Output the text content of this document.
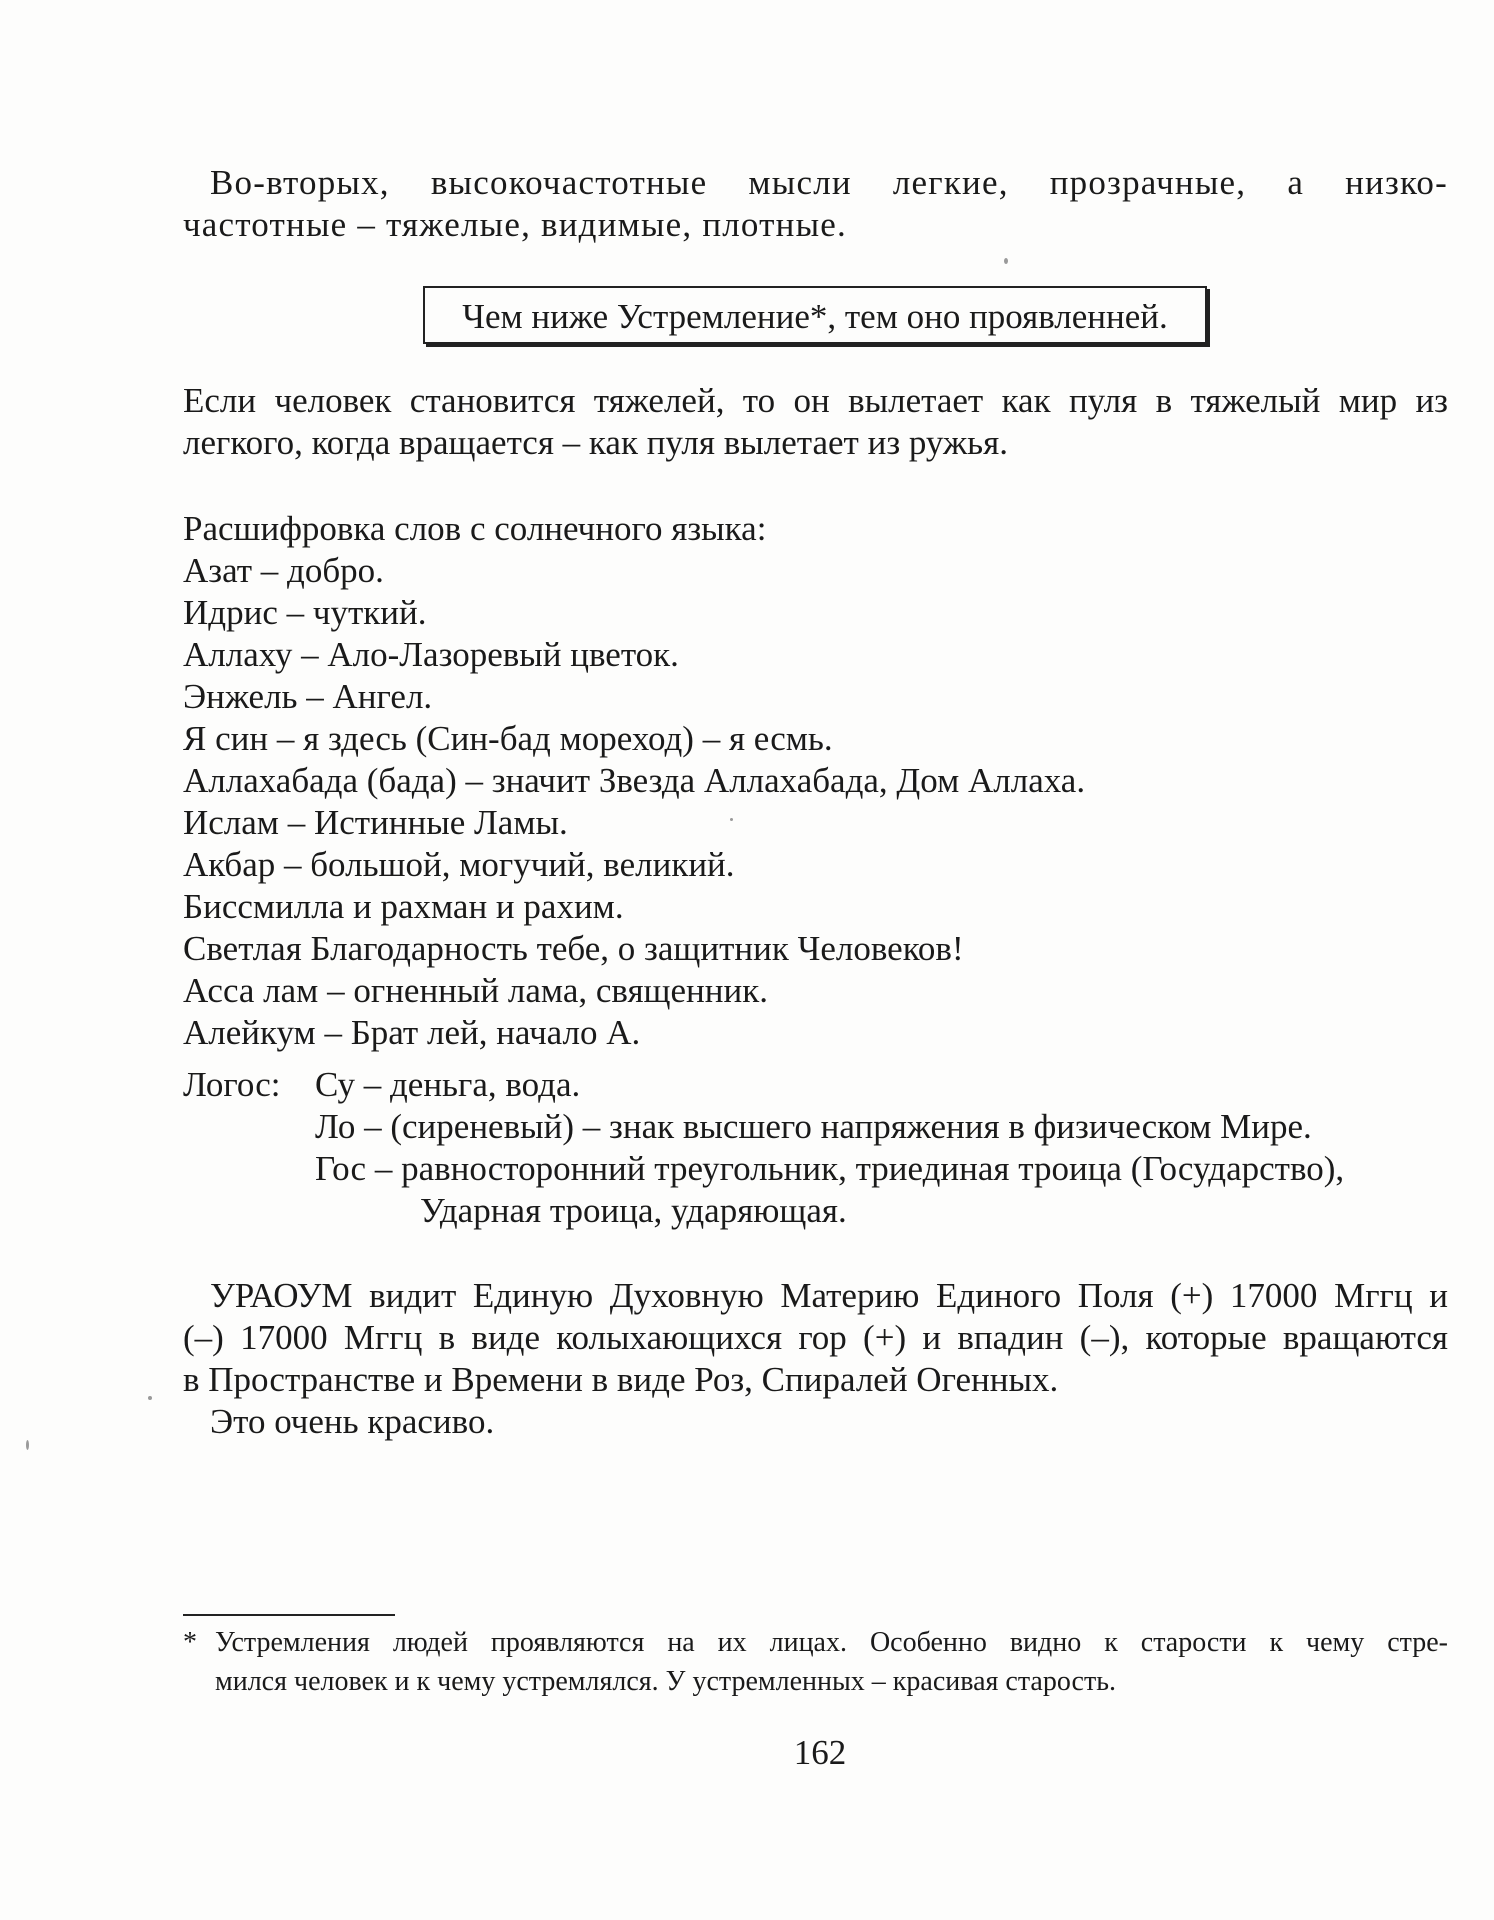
Во-вторых, высокочастотные мысли легкие, прозрачные, а низко-
частотные – тяжелые, видимые, плотные.
Чем ниже Устремление*, тем оно проявленней.
Если человек становится тяжелей, то он вылетает как пуля в тяжелый мир из
легкого, когда вращается – как пуля вылетает из ружья.
Расшифровка слов с солнечного языка:
Азат – добро.
Идрис – чуткий.
Аллаху – Ало-Лазоревый цветок.
Энжель – Ангел.
Я син – я здесь (Син-бад мореход) – я есмь.
Аллахабада (бада) – значит Звезда Аллахабада, Дом Аллаха.
Ислам – Истинные Ламы.
Акбар – большой, могучий, великий.
Биссмилла и рахман и рахим.
Светлая Благодарность тебе, о защитник Человеков!
Асса лам – огненный лама, священник.
Алейкум – Брат лей, начало А.
Логос: Су – деньга, вода.
Ло – (сиреневый) – знак высшего напряжения в физическом Мире.
Гос – равносторонний треугольник, триединая троица (Государство),
Ударная троица, ударяющая.
УРАОУМ видит Единую Духовную Материю Единого Поля (+) 17000 Мггц и
(–) 17000 Мггц в виде колыхающихся гор (+) и впадин (–), которые вращаются
в Пространстве и Времени в виде Роз, Спиралей Огенных.
Это очень красиво.
* Устремления людей проявляются на их лицах. Особенно видно к старости к чему стре-
мился человек и к чему устремлялся. У устремленных – красивая старость.
162
